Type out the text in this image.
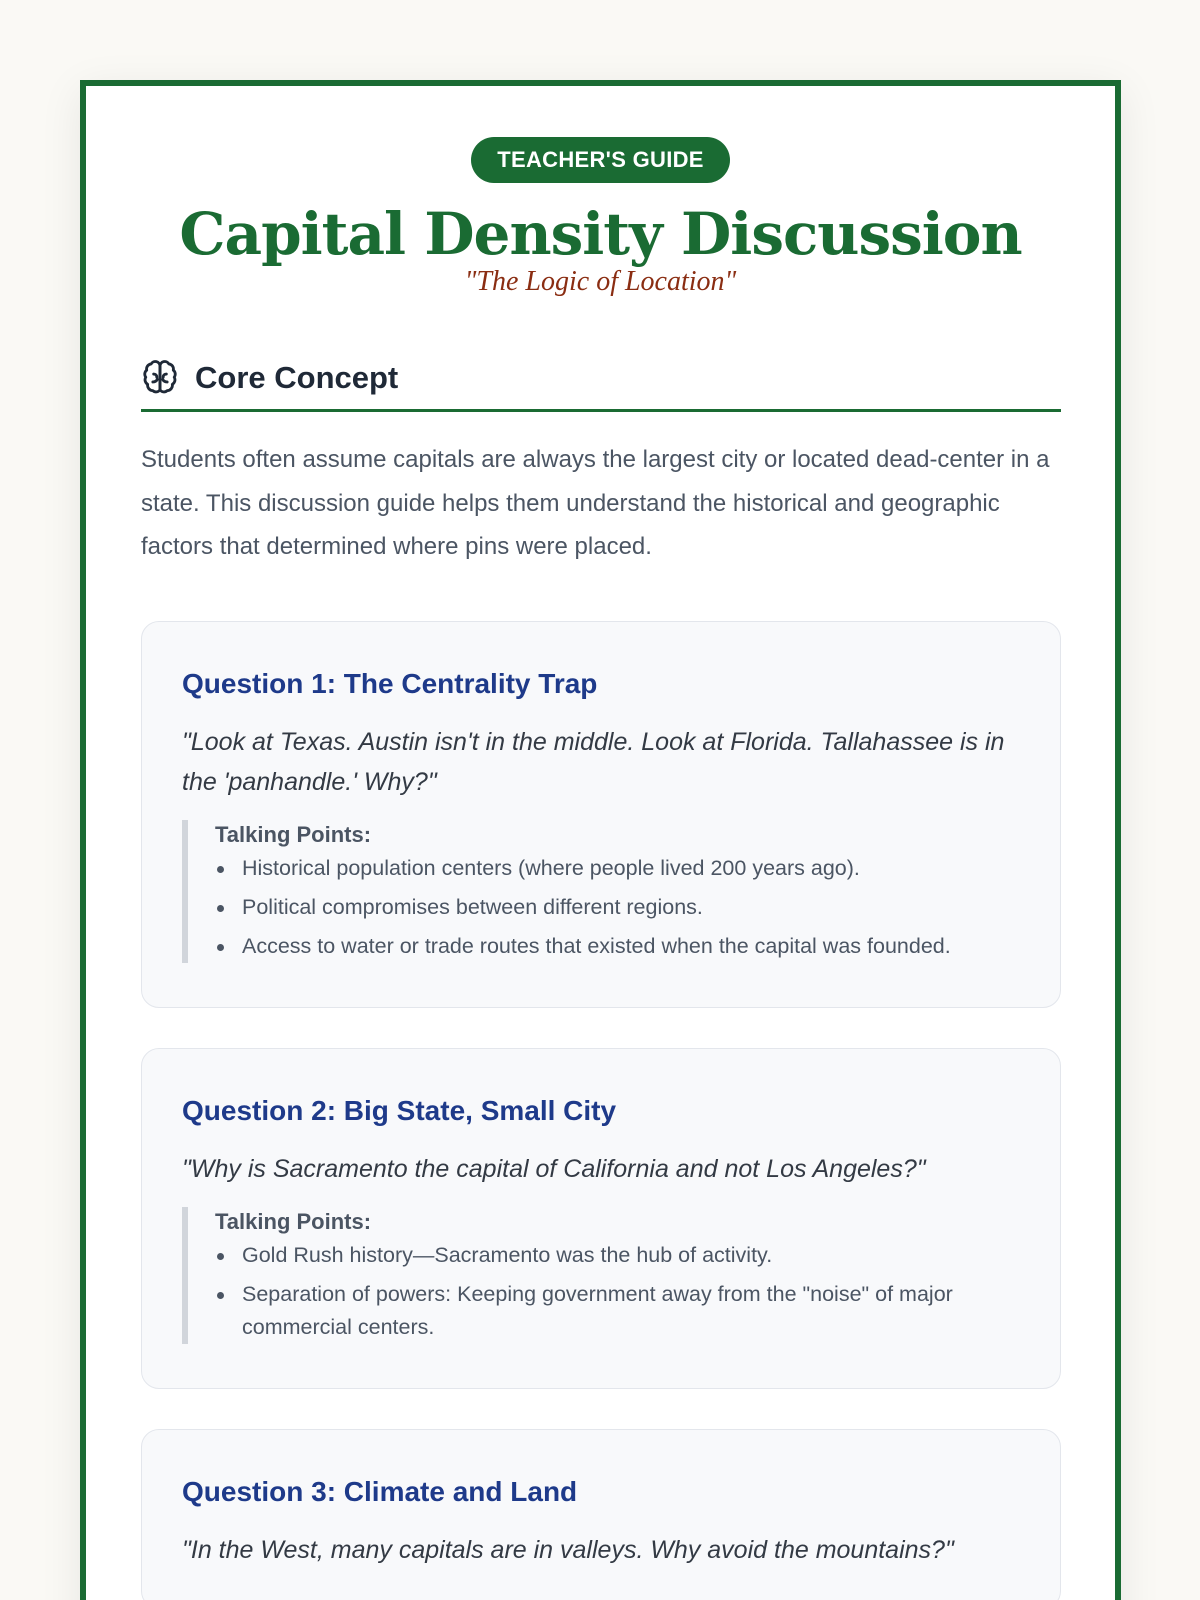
TEACHER'S GUIDE
Capital Density Discussion
"The Logic of Location"
Core Concept

Students often assume capitals are always the largest city or located dead-center in a state. This discussion guide helps them understand the historical and geographic factors that determined where pins were placed.

Question 1: The Centrality Trap
"Look at Texas. Austin isn't in the middle. Look at Florida. Tallahassee is in the 'panhandle.' Why?"
Talking Points:
Historical population centers (where people lived 200 years ago).
Political compromises between different regions.
Access to water or trade routes that existed when the capital was founded.
Question 2: Big State, Small City
"Why is Sacramento the capital of California and not Los Angeles?"
Talking Points:
Gold Rush history—Sacramento was the hub of activity.
Separation of powers: Keeping government away from the "noise" of major commercial centers.
Question 3: Climate and Land
"In the West, many capitals are in valleys. Why avoid the mountains?"
